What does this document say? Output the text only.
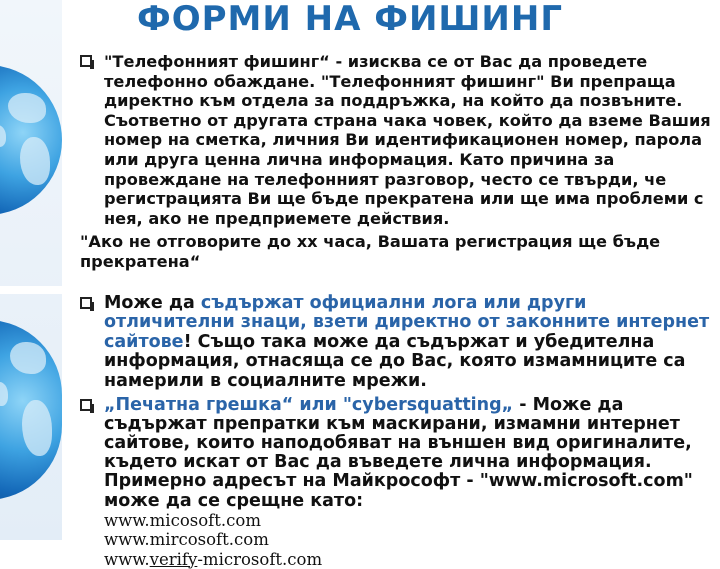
ФОРМИ НА ФИШИНГ
"Телефонният фишинг“ - изисква се от Вас да проведете телефонно обаждане. "Телефонният фишинг" Ви препраща директно към отдела за поддръжка, на който да позвъните. Съответно от другата страна чака човек, който да вземе Вашия номер на сметка, личния Ви идентификационен номер, парола или друга ценна лична информация. Като причина за провеждане на телефонният разговор, често се твърди, че регистрацията Ви ще бъде прекратена или ще има проблеми с нея, ако не предприемете действия.
"Ако не отговорите до хх часа, Вашата регистрация ще бъде прекратена“
Може да съдържат официални лога или други отличителни знаци, взети директно от законните интернет сайтове! Също така може да съдържат и убедителна информация, отнасяща се до Вас, която измамниците са намерили в социалните мрежи.
„Печатна грешка“ или "cybersquatting„ - Може да съдържат препратки към маскирани, измамни интернет сайтове, които наподобяват на външен вид оригиналите, където искат от Вас да въведете лична информация. Примерно адресът на Майкрософт - "www.microsoft.com" може да се срещне като:
www.micosoft.com
www.mircosoft.com
www.verify-microsoft.com
